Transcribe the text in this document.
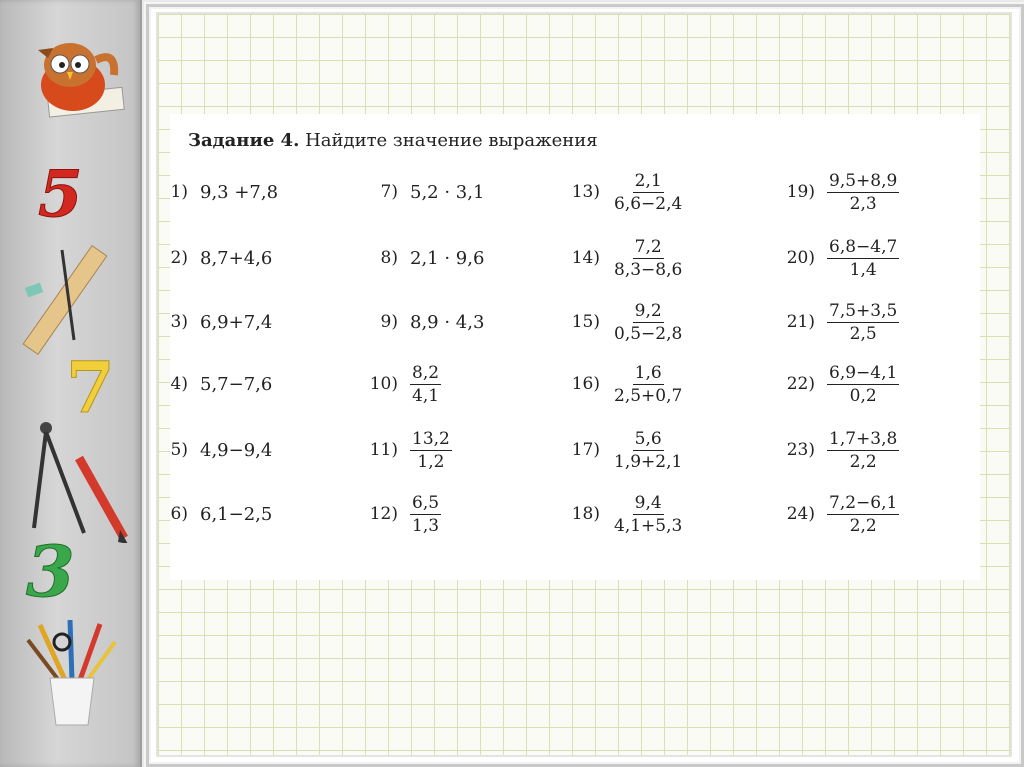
5
7
3
Задание 4. Найдите значение выражения
1) 9,3 +7,8
2) 8,7+4,6
3) 6,9+7,4
4) 5,7−7,6
5) 4,9−9,4
6) 6,1−2,5
7) 5,2 · 3,1
8) 2,1 · 9,6
9) 8,9 · 4,3
$10) \frac{8,2}{4,1}$
$11) \frac{13,2}{1,2}$
$12) \frac{6,5}{1,3}$
$13) \frac{2,1}{6,6-2,4}$
$14) \frac{7,2}{8,3-8,6}$
$15) \frac{9,2}{0,5-2,8}$
$16) \frac{1,6}{2,5+0,7}$
$17) \frac{5,6}{1,9+2,1}$
$18) \frac{9,4}{4,1+5,3}$
$19) \frac{9,5+8,9}{2,3}$
$20) \frac{6,8-4,7}{1,4}$
$21) \frac{7,5+3,5}{2,5}$
$22) \frac{6,9-4,1}{0,2}$
$23) \frac{1,7+3,8}{2,2}$
$24) \frac{7,2-6,1}{2,2}$
